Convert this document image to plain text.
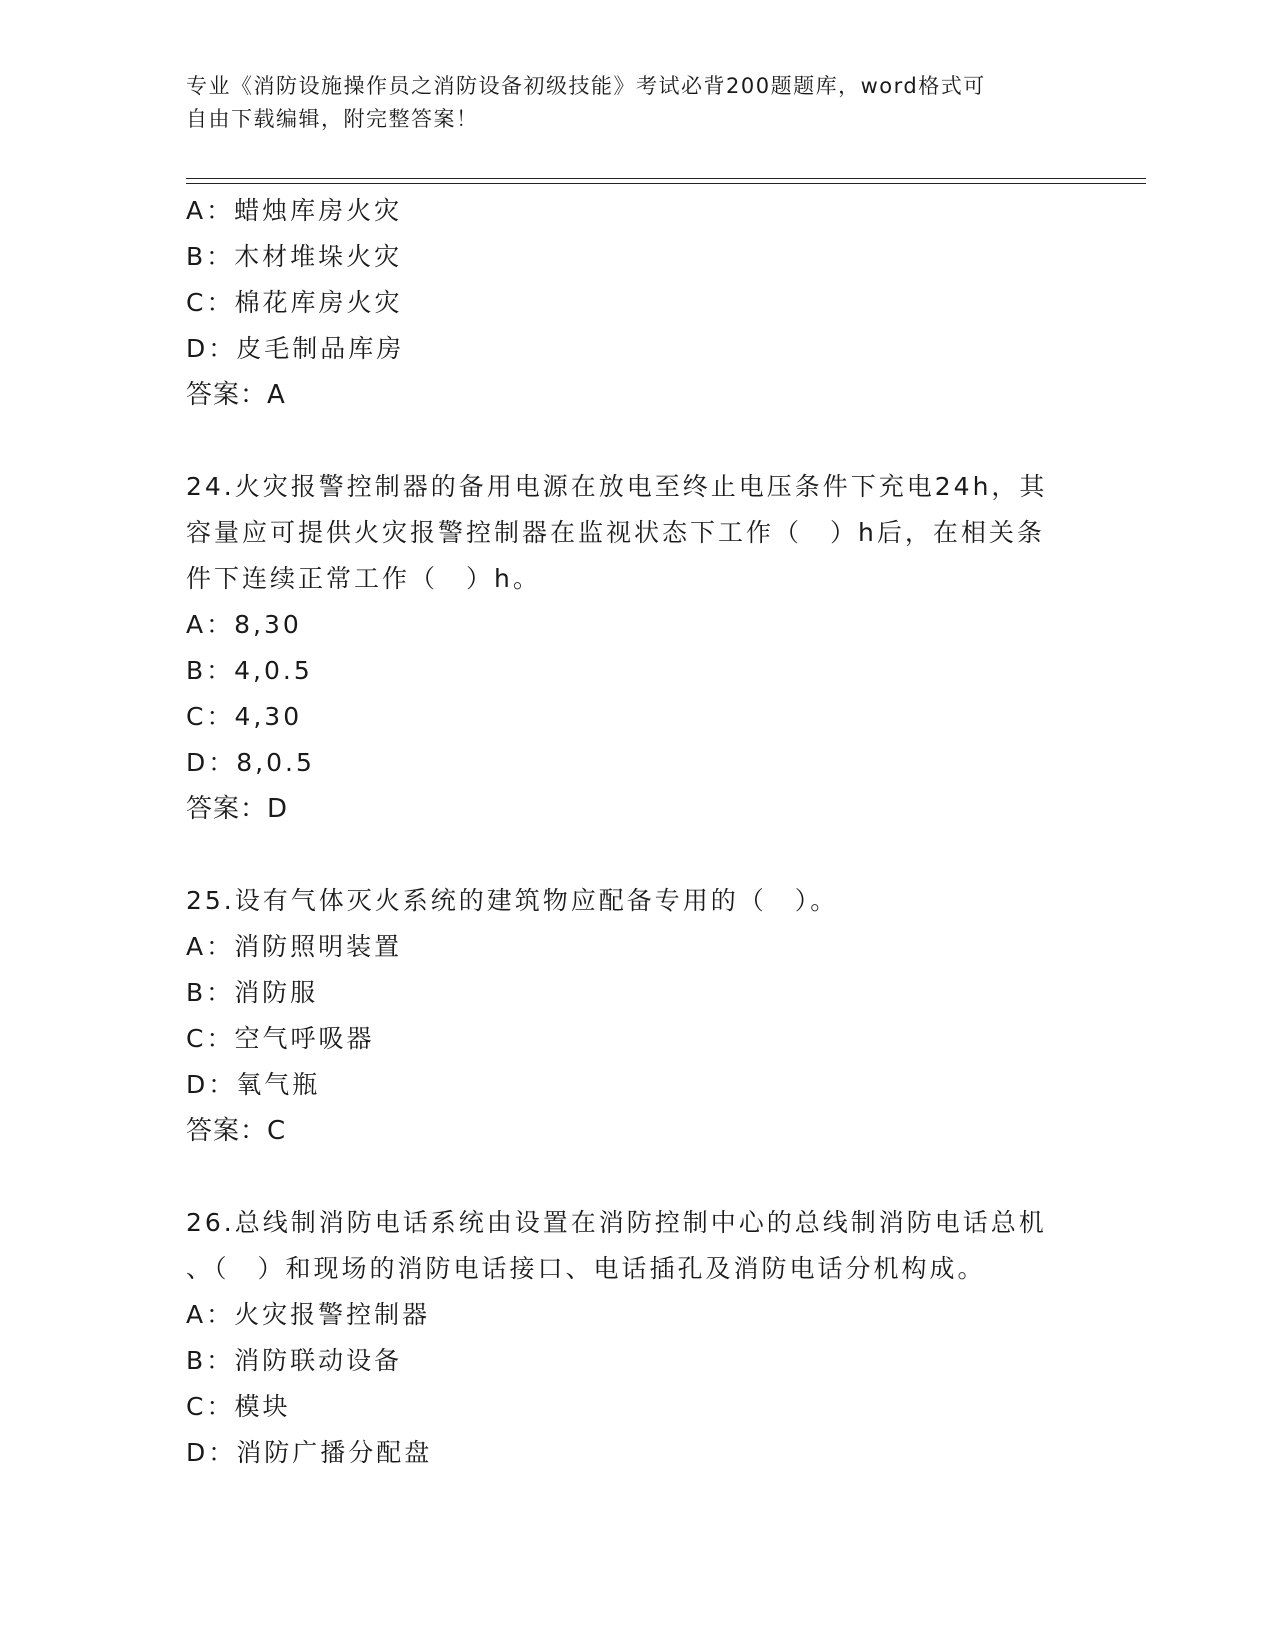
专业《消防设施操作员之消防设备初级技能》考试必背200题题库，word格式可

自由下载编辑，附完整答案！

A：蜡烛库房火灾
B：木材堆垛火灾
C：棉花库房火灾
D：皮毛制品库房
答案：A
24.火灾报警控制器的备用电源在放电至终止电压条件下充电24h，其
容量应可提供火灾报警控制器在监视状态下工作（　）h后，在相关条
件下连续正常工作（　）h。
A：8,30
B：4,0.5
C：4,30
D：8,0.5
答案：D
25.设有气体灭火系统的建筑物应配备专用的（　）。
A：消防照明装置
B：消防服
C：空气呼吸器
D：氧气瓶
答案：C
26.总线制消防电话系统由设置在消防控制中心的总线制消防电话总机
、（　）和现场的消防电话接口、电话插孔及消防电话分机构成。
A：火灾报警控制器
B：消防联动设备
C：模块
D：消防广播分配盘
